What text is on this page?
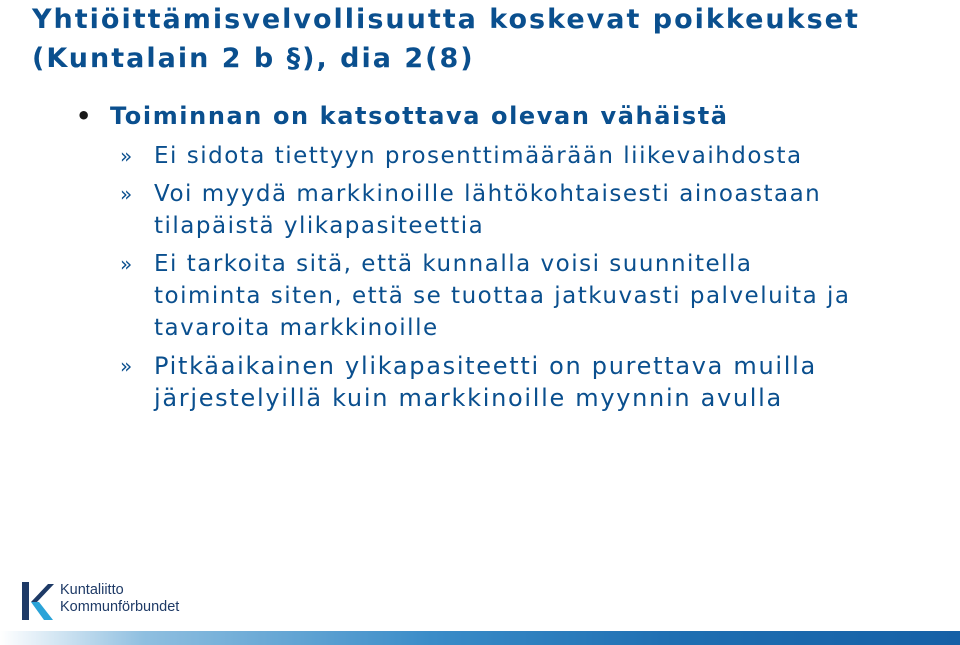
Yhtiöittämisvelvollisuutta koskevat poikkeukset
(Kuntalain 2 b §), dia 2(8)
• Toiminnan on katsottava olevan vähäistä
» Ei sidota tiettyyn prosenttimäärään liikevaihdosta
» Voi myydä markkinoille lähtökohtaisesti ainoastaan
tilapäistä ylikapasiteettia
» Ei tarkoita sitä, että kunnalla voisi suunnitella
toiminta siten, että se tuottaa jatkuvasti palveluita ja
tavaroita markkinoille
» Pitkäaikainen ylikapasiteetti on purettava muilla
järjestelyillä kuin markkinoille myynnin avulla
Kuntaliitto
Kommunförbundet
